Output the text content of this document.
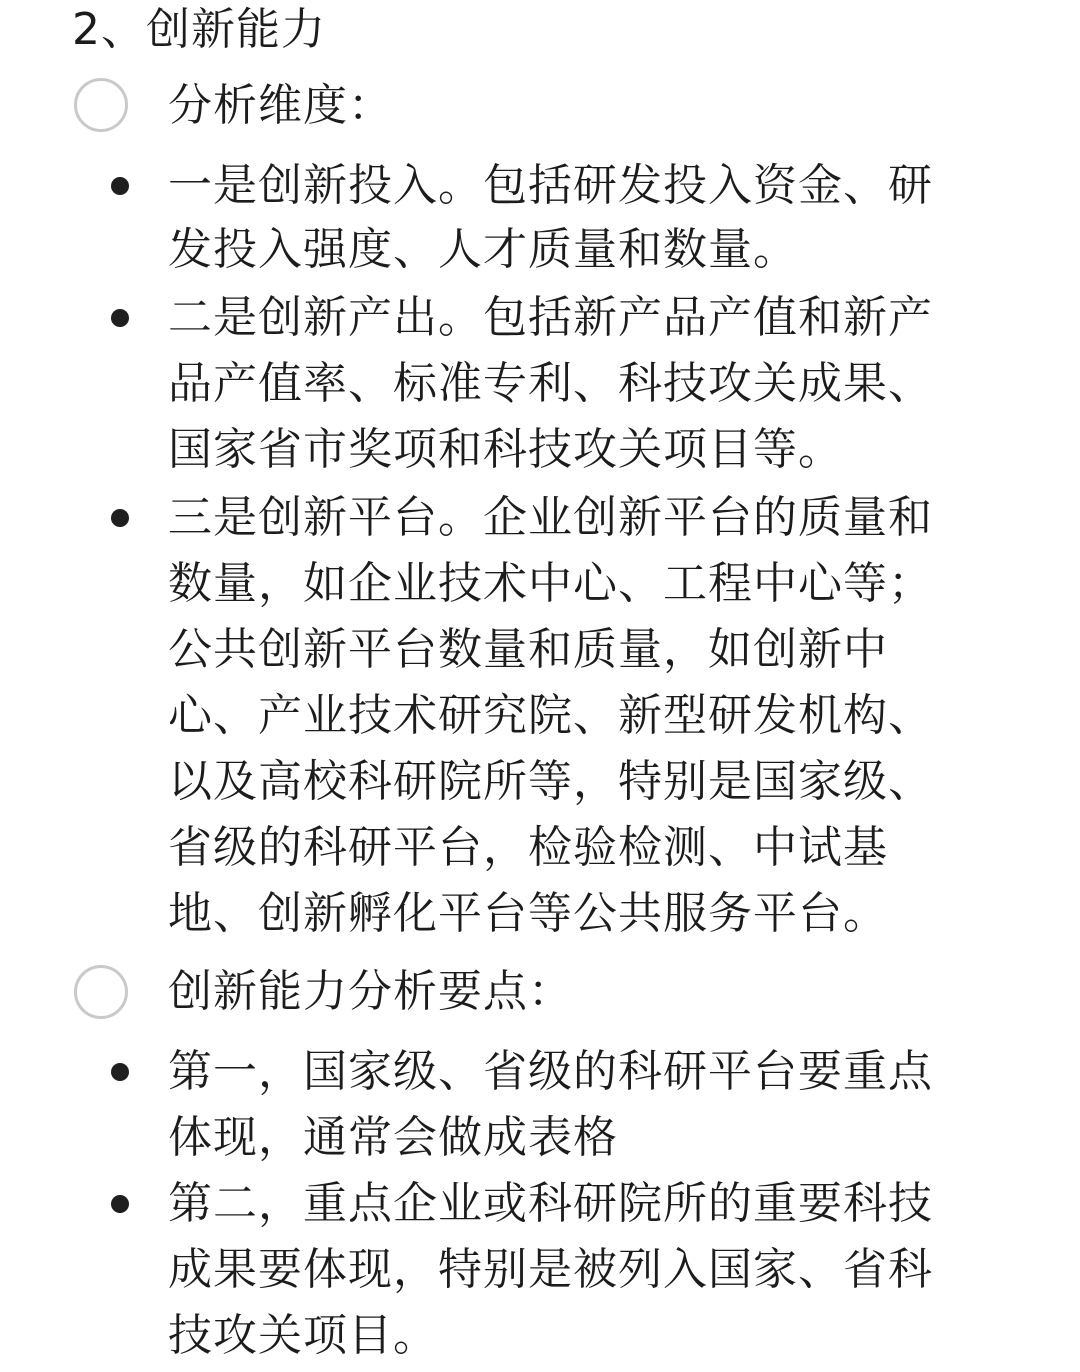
2、创新能力
分析维度：
一是创新投入。包括研发投入资金、研
发投入强度、人才质量和数量。
二是创新产出。包括新产品产值和新产
品产值率、标准专利、科技攻关成果、
国家省市奖项和科技攻关项目等。
三是创新平台。企业创新平台的质量和
数量，如企业技术中心、工程中心等；
公共创新平台数量和质量，如创新中
心、产业技术研究院、新型研发机构、
以及高校科研院所等，特别是国家级、
省级的科研平台，检验检测、中试基
地、创新孵化平台等公共服务平台。
创新能力分析要点：
第一，国家级、省级的科研平台要重点
体现，通常会做成表格
第二，重点企业或科研院所的重要科技
成果要体现，特别是被列入国家、省科
技攻关项目。
